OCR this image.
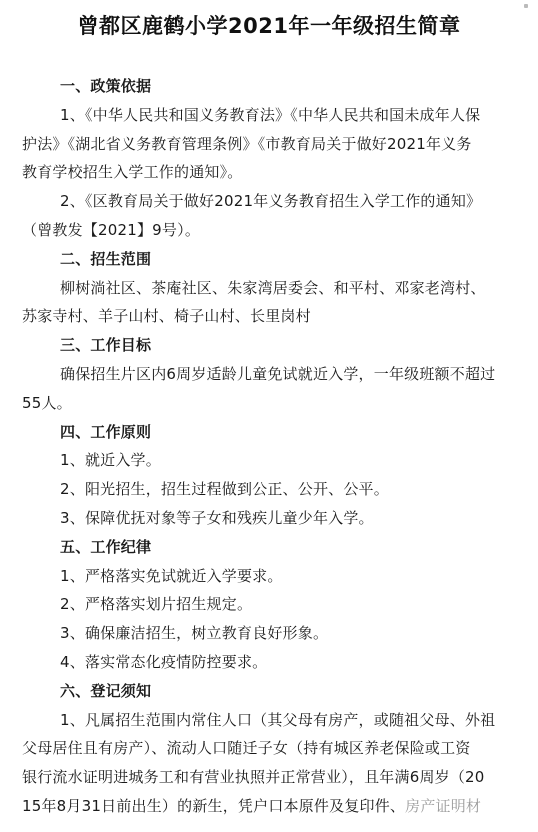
曾都区鹿鹤小学2021年一年级招生简章
一、政策依据
1、《中华人民共和国义务教育法》《中华人民共和国未成年人保
护法》《湖北省义务教育管理条例》《市教育局关于做好2021年义务
教育学校招生入学工作的通知》。
2、《区教育局关于做好2021年义务教育招生入学工作的通知》
（曾教发【2021】9号）。
二、招生范围
柳树淌社区、茶庵社区、朱家湾居委会、和平村、邓家老湾村、
苏家寺村、羊子山村、椅子山村、长里岗村
三、工作目标
确保招生片区内6周岁适龄儿童免试就近入学，一年级班额不超过
55人。
四、工作原则
1、就近入学。
2、阳光招生，招生过程做到公正、公开、公平。
3、保障优抚对象等子女和残疾儿童少年入学。
五、工作纪律
1、严格落实免试就近入学要求。
2、严格落实划片招生规定。
3、确保廉洁招生，树立教育良好形象。
4、落实常态化疫情防控要求。
六、登记须知
1、凡属招生范围内常住人口（其父母有房产，或随祖父母、外祖
父母居住且有房产）、流动人口随迁子女（持有城区养老保险或工资
银行流水证明进城务工和有营业执照并正常营业），且年满6周岁（20
15年8月31日前出生）的新生，凭户口本原件及复印件、房产证明材
